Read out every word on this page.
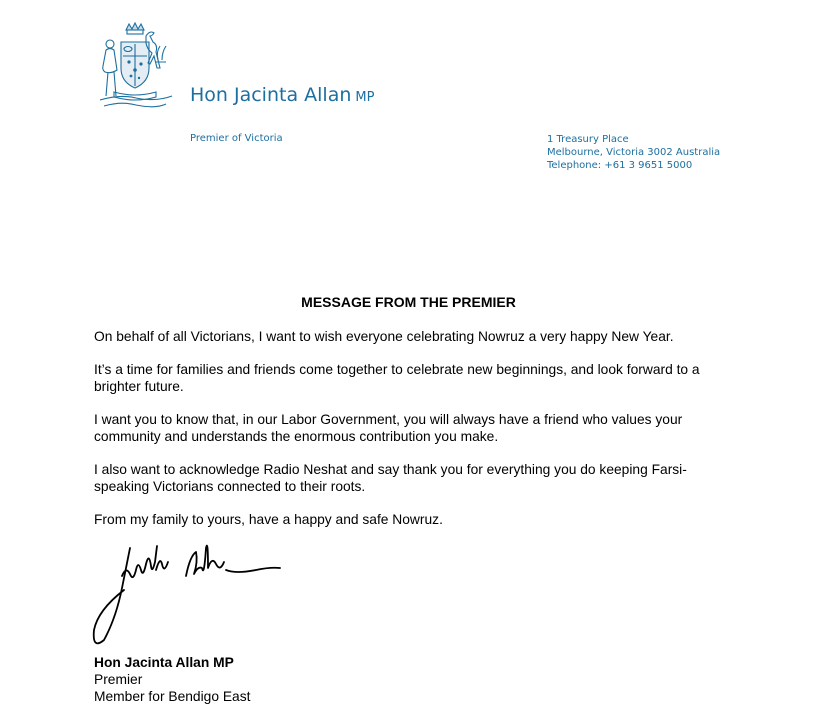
Hon Jacinta Allan MP
Premier of Victoria	1 Treasury Place
Melbourne, Victoria 3002 Australia
Telephone: +61 3 9651 5000
MESSAGE FROM THE PREMIER

On behalf of all Victorians, I want to wish everyone celebrating Nowruz a very happy New Year.

It’s a time for families and friends come together to celebrate new beginnings, and look forward to a brighter future.

I want you to know that, in our Labor Government, you will always have a friend who values your community and understands the enormous contribution you make.

I also want to acknowledge Radio Neshat and say thank you for everything you do keeping Farsi-speaking Victorians connected to their roots.

From my family to yours, have a happy and safe Nowruz.

Hon Jacinta Allan MP
Premier
Member for Bendigo East
